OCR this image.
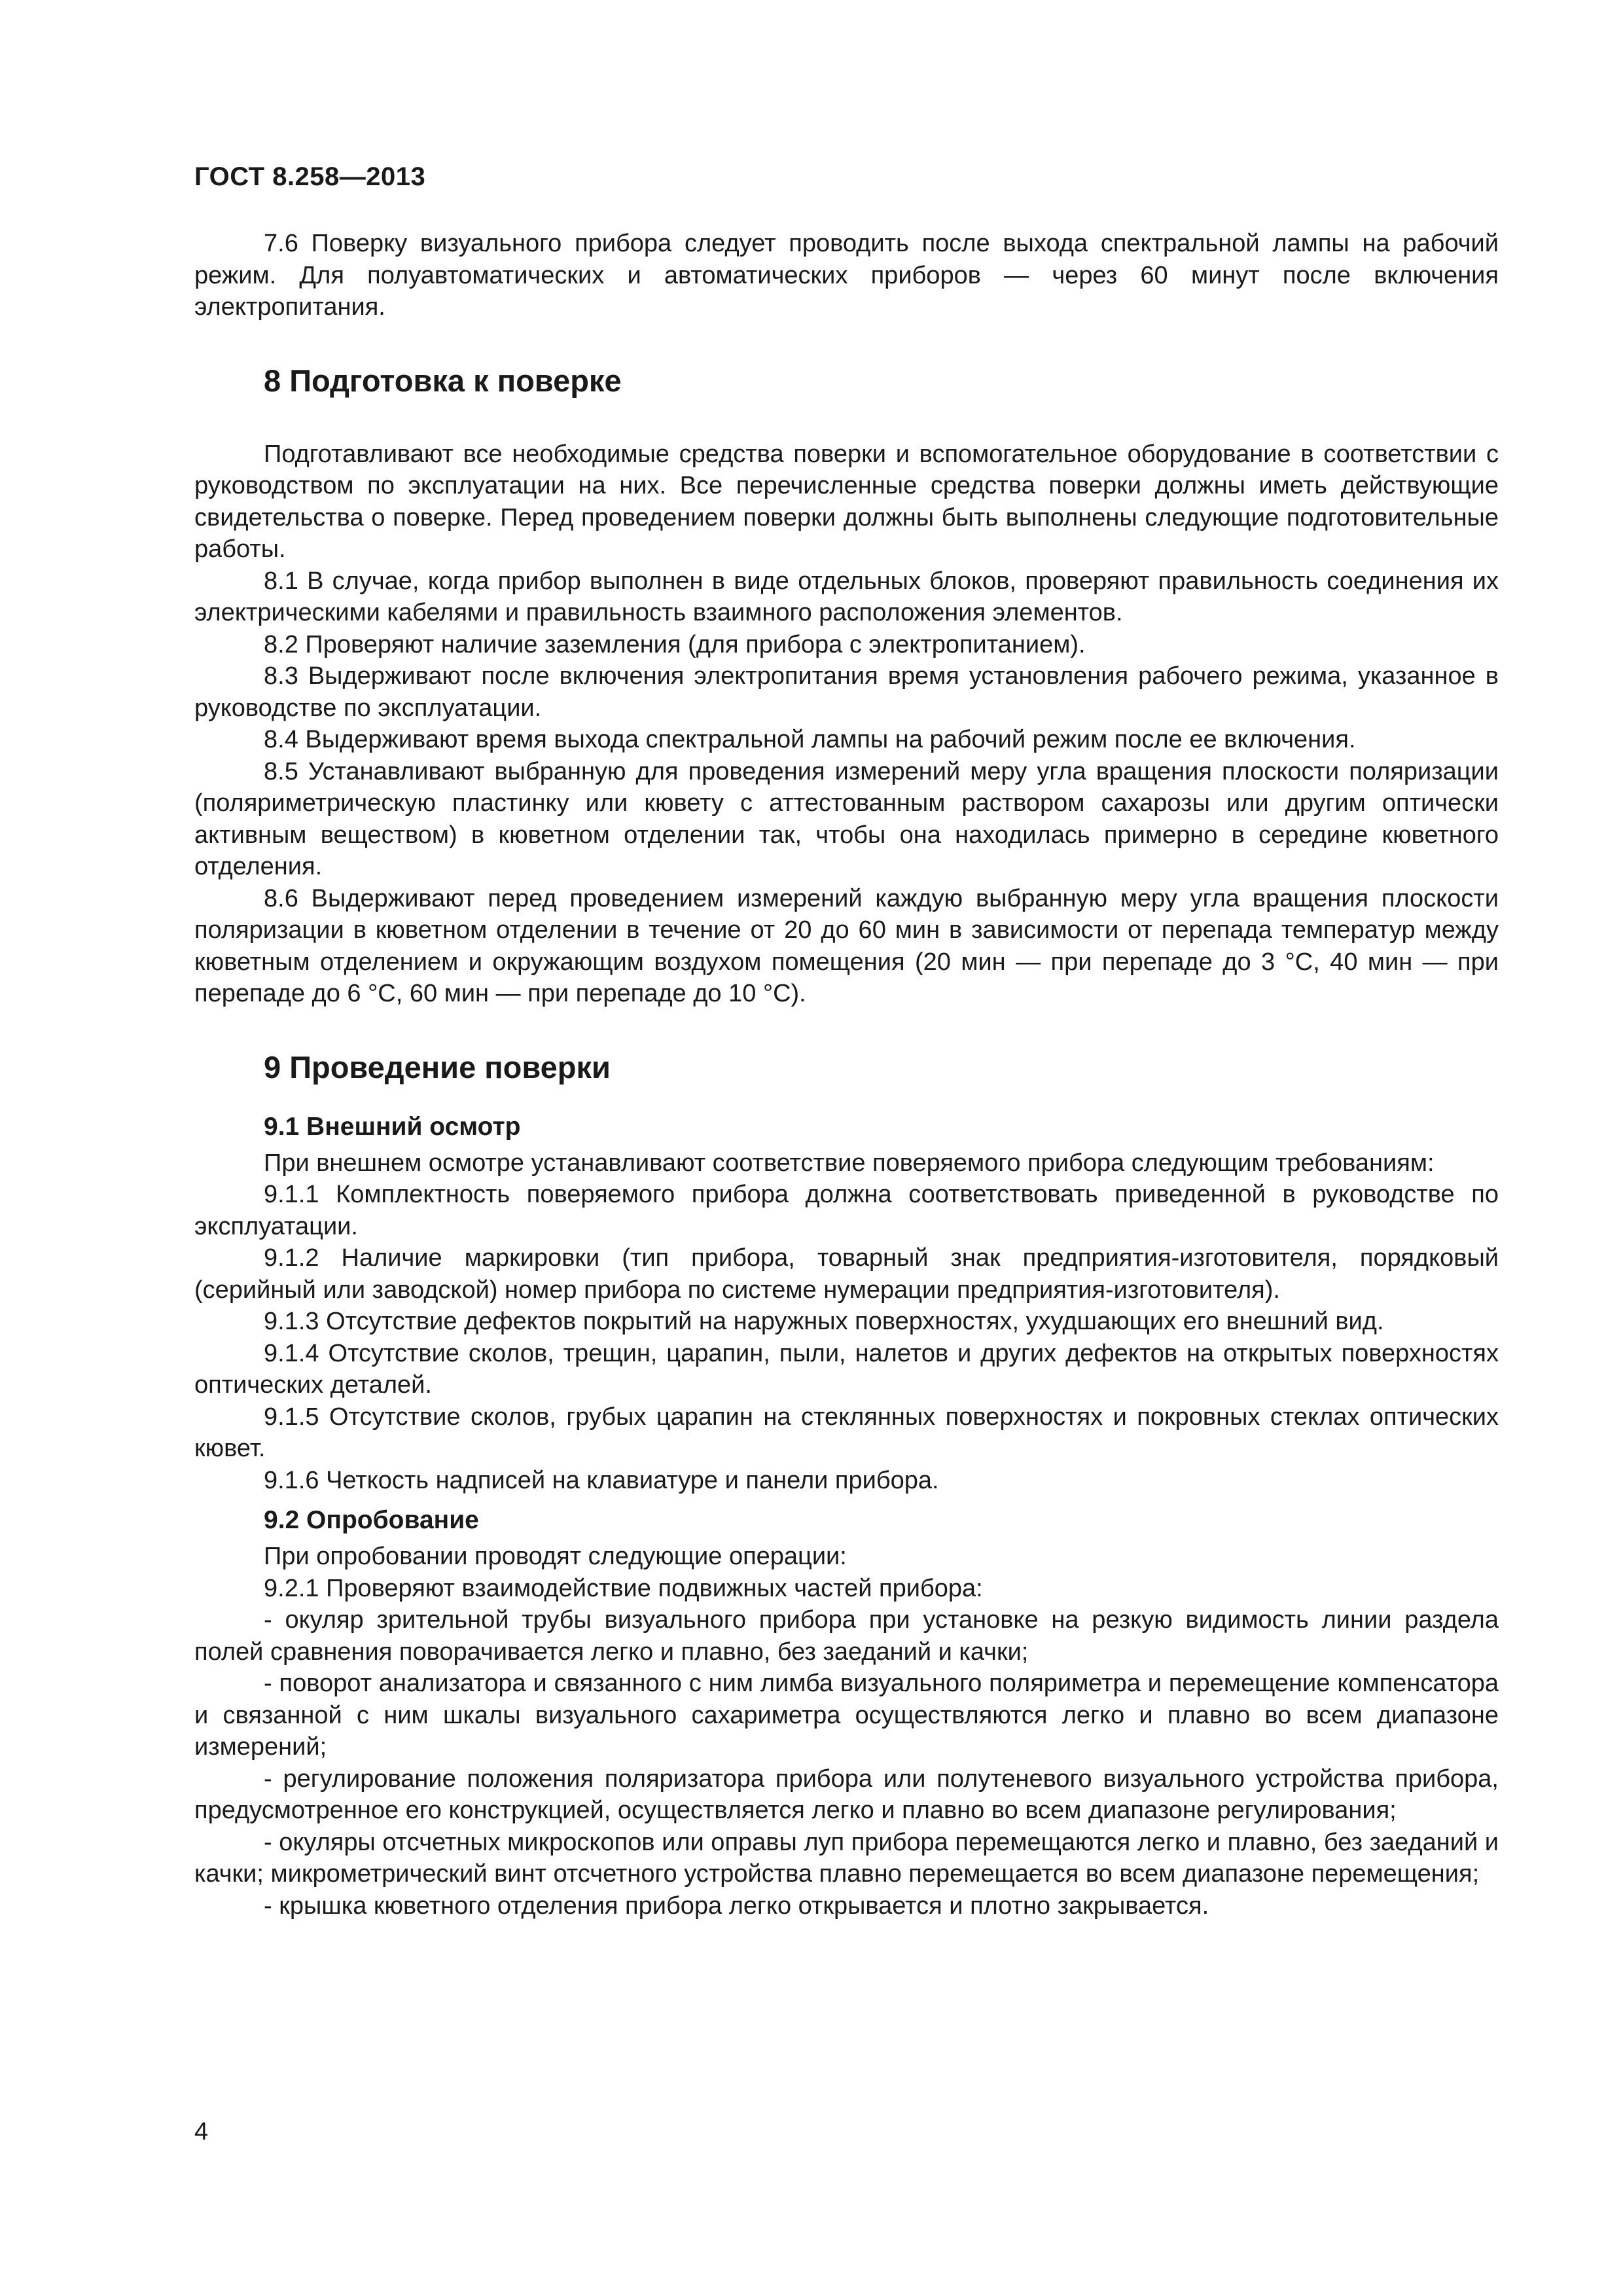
ГОСТ 8.258—2013

7.6 Поверку визуального прибора следует проводить после выхода спектральной лампы на рабочий режим. Для полуавтоматических и автоматических приборов — через 60 минут после включения электропитания.

8 Подготовка к поверке

Подготавливают все необходимые средства поверки и вспомогательное оборудование в соответствии с руководством по эксплуатации на них. Все перечисленные средства поверки должны иметь действующие свидетельства о поверке. Перед проведением поверки должны быть выполнены следующие подготовительные работы.

8.1 В случае, когда прибор выполнен в виде отдельных блоков, проверяют правильность соединения их электрическими кабелями и правильность взаимного расположения элементов.

8.2 Проверяют наличие заземления (для прибора с электропитанием).

8.3 Выдерживают после включения электропитания время установления рабочего режима, указанное в руководстве по эксплуатации.

8.4 Выдерживают время выхода спектральной лампы на рабочий режим после ее включения.

8.5 Устанавливают выбранную для проведения измерений меру угла вращения плоскости поляризации (поляриметрическую пластинку или кювету с аттестованным раствором сахарозы или другим оптически активным веществом) в кюветном отделении так, чтобы она находилась примерно в середине кюветного отделения.

8.6 Выдерживают перед проведением измерений каждую выбранную меру угла вращения плоскости поляризации в кюветном отделении в течение от 20 до 60 мин в зависимости от перепада температур между кюветным отделением и окружающим воздухом помещения (20 мин — при перепаде до 3 °С, 40 мин — при перепаде до 6 °С, 60 мин — при перепаде до 10 °С).

9 Проведение поверки
9.1 Внешний осмотр

При внешнем осмотре устанавливают соответствие поверяемого прибора следующим требованиям:

9.1.1 Комплектность поверяемого прибора должна соответствовать приведенной в руководстве по эксплуатации.

9.1.2 Наличие маркировки (тип прибора, товарный знак предприятия-изготовителя, порядковый (серийный или заводской) номер прибора по системе нумерации предприятия-изготовителя).

9.1.3 Отсутствие дефектов покрытий на наружных поверхностях, ухудшающих его внешний вид.

9.1.4 Отсутствие сколов, трещин, царапин, пыли, налетов и других дефектов на открытых поверхностях оптических деталей.

9.1.5 Отсутствие сколов, грубых царапин на стеклянных поверхностях и покровных стеклах оптических кювет.

9.1.6 Четкость надписей на клавиатуре и панели прибора.

9.2 Опробование

При опробовании проводят следующие операции:

9.2.1 Проверяют взаимодействие подвижных частей прибора:

- окуляр зрительной трубы визуального прибора при установке на резкую видимость линии раздела полей сравнения поворачивается легко и плавно, без заеданий и качки;

- поворот анализатора и связанного с ним лимба визуального поляриметра и перемещение компенсатора и связанной с ним шкалы визуального сахариметра осуществляются легко и плавно во всем диапазоне измерений;

- регулирование положения поляризатора прибора или полутеневого визуального устройства прибора, предусмотренное его конструкцией, осуществляется легко и плавно во всем диапазоне регулирования;

- окуляры отсчетных микроскопов или оправы луп прибора перемещаются легко и плавно, без заеданий и качки; микрометрический винт отсчетного устройства плавно перемещается во всем диапазоне перемещения;

- крышка кюветного отделения прибора легко открывается и плотно закрывается.

4
